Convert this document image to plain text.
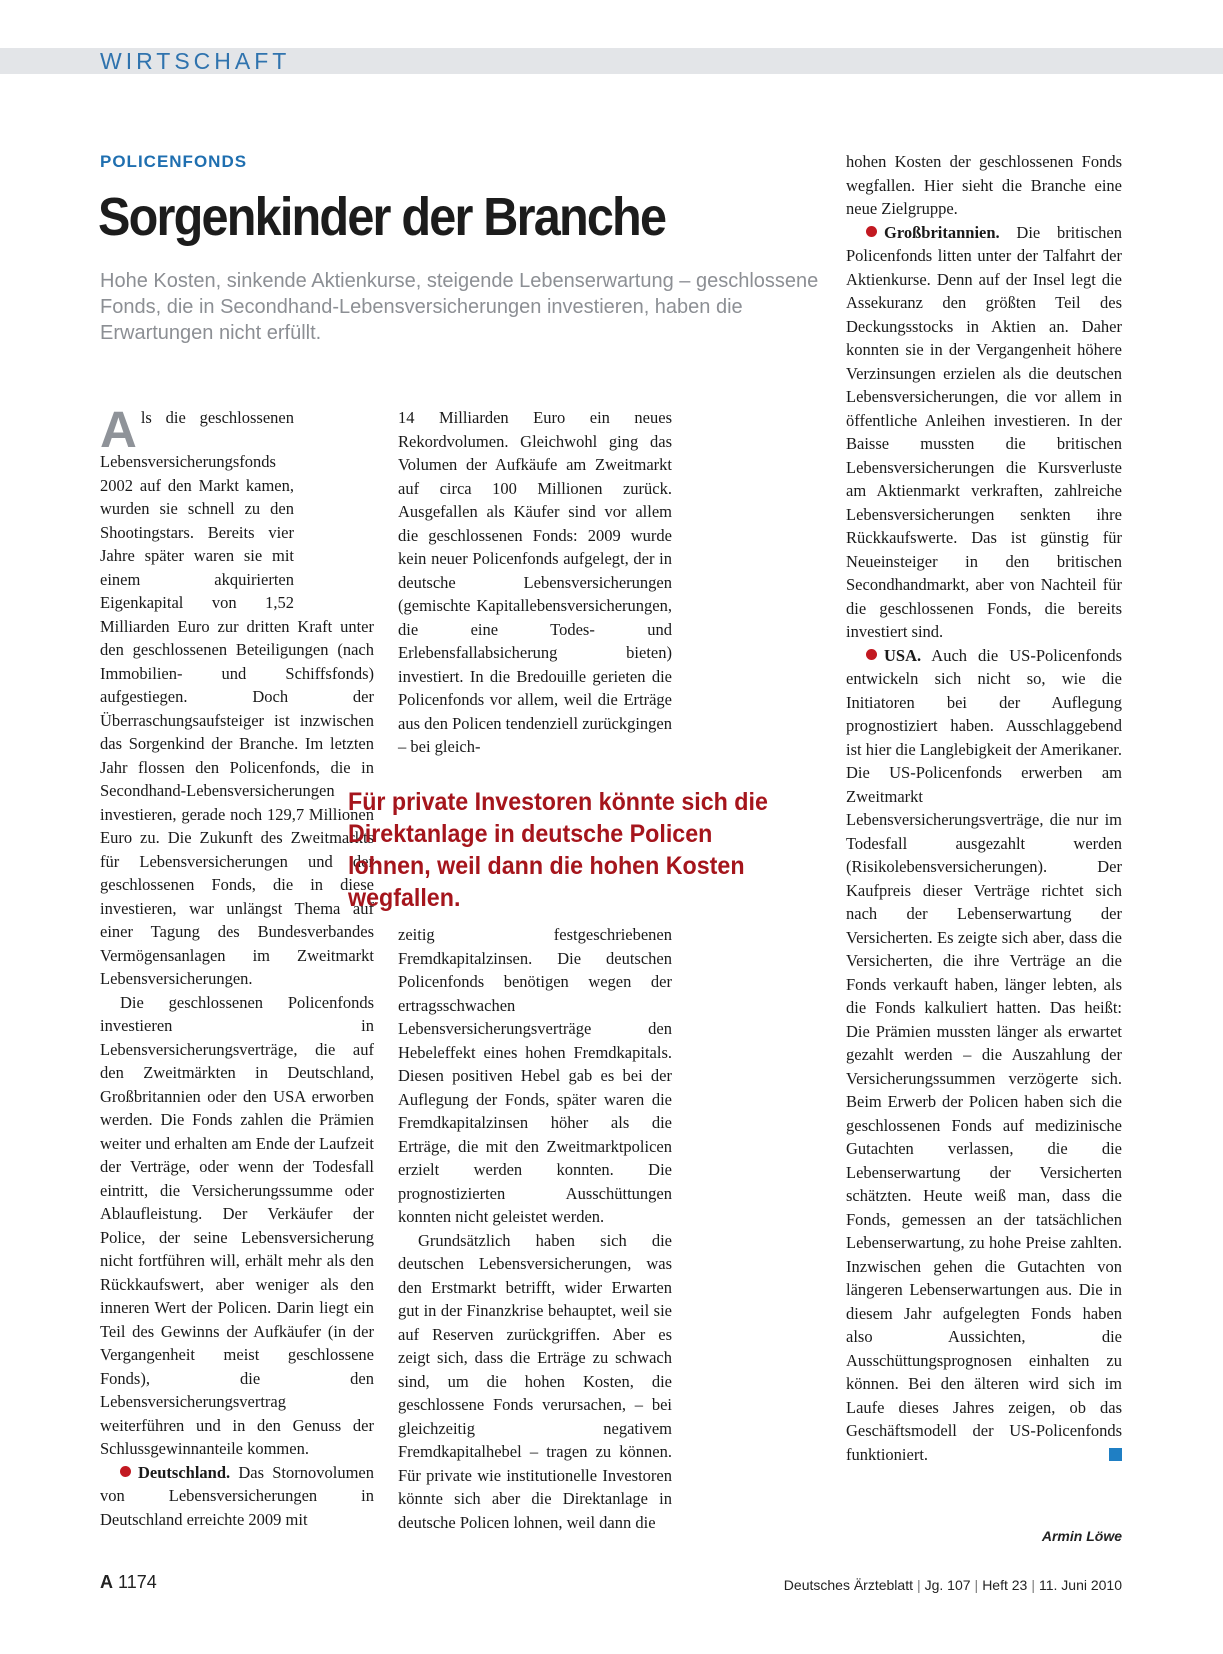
WIRTSCHAFT
POLICENFONDS
Sorgenkinder der Branche
Hohe Kosten, sinkende Aktienkurse, steigende Lebenserwartung – geschlossene Fonds, die in Secondhand-Lebensversicherungen investieren, haben die Erwartungen nicht erfüllt.

A ls die geschlossenen Lebensversicherungsfonds 2002 auf den Markt kamen, wurden sie schnell zu den Shootingstars. Bereits vier Jahre später waren sie mit einem akquirierten Eigenkapital von 1,52 Milliarden Euro zur dritten Kraft unter den geschlossenen Beteiligungen (nach Immobilien- und Schiffsfonds) aufgestiegen. Doch der Überraschungsaufsteiger ist inzwischen das Sorgenkind der Branche. Im letzten Jahr flossen den Policenfonds, die in Secondhand-Lebensversicherungen investieren, gerade noch 129,7 Millionen Euro zu. Die Zukunft des Zweitmarkts für Lebensversicherungen und der geschlossenen Fonds, die in diese investieren, war unlängst Thema auf einer Tagung des Bundesverbandes Vermögensanlagen im Zweitmarkt Lebensversicherungen.

Die geschlossenen Policenfonds investieren in Lebensversicherungsverträge, die auf den Zweitmärkten in Deutschland, Großbritannien oder den USA erworben werden. Die Fonds zahlen die Prämien weiter und erhalten am Ende der Laufzeit der Verträge, oder wenn der Todesfall eintritt, die Versicherungssumme oder Ablaufleistung. Der Verkäufer der Police, der seine Lebensversicherung nicht fortführen will, erhält mehr als den Rückkaufswert, aber weniger als den inneren Wert der Policen. Darin liegt ein Teil des Gewinns der Aufkäufer (in der Vergangenheit meist geschlossene Fonds), die den Lebensversicherungsvertrag weiterführen und in den Genuss der Schlussgewinnanteile kommen.

Deutschland. Das Stornovolumen von Lebensversicherungen in Deutschland erreichte 2009 mit

14 Milliarden Euro ein neues Rekordvolumen. Gleichwohl ging das Volumen der Aufkäufe am Zweitmarkt auf circa 100 Millionen zurück. Ausgefallen als Käufer sind vor allem die geschlossenen Fonds: 2009 wurde kein neuer Policenfonds aufgelegt, der in deutsche Lebensversicherungen (gemischte Kapitallebensversicherungen, die eine Todes- und Erlebensfallabsicherung bieten) investiert. In die Bredouille gerieten die Policenfonds vor allem, weil die Erträge aus den Policen tendenziell zurückgingen – bei gleich-

Für private Investoren könnte sich die Direktanlage in deutsche Policen lohnen, weil dann die hohen Kosten wegfallen.

zeitig festgeschriebenen Fremdkapitalzinsen. Die deutschen Policenfonds benötigen wegen der ertragsschwachen Lebensversicherungsverträge den Hebeleffekt eines hohen Fremdkapitals. Diesen positiven Hebel gab es bei der Auflegung der Fonds, später waren die Fremdkapitalzinsen höher als die Erträge, die mit den Zweitmarktpolicen erzielt werden konnten. Die prognostizierten Ausschüttungen konnten nicht geleistet werden.

Grundsätzlich haben sich die deutschen Lebensversicherungen, was den Erstmarkt betrifft, wider Erwarten gut in der Finanzkrise behauptet, weil sie auf Reserven zurückgriffen. Aber es zeigt sich, dass die Erträge zu schwach sind, um die hohen Kosten, die geschlossene Fonds verursachen, – bei gleichzeitig negativem Fremdkapitalhebel – tragen zu können. Für private wie institutionelle Investoren könnte sich aber die Direktanlage in deutsche Policen lohnen, weil dann die

hohen Kosten der geschlossenen Fonds wegfallen. Hier sieht die Branche eine neue Zielgruppe.

Großbritannien. Die britischen Policenfonds litten unter der Talfahrt der Aktienkurse. Denn auf der Insel legt die Assekuranz den größten Teil des Deckungsstocks in Aktien an. Daher konnten sie in der Vergangenheit höhere Verzinsungen erzielen als die deutschen Lebensversicherungen, die vor allem in öffentliche Anleihen investieren. In der Baisse mussten die britischen Lebensversicherungen die Kursverluste am Aktienmarkt verkraften, zahlreiche Lebensversicherungen senkten ihre Rückkaufswerte. Das ist günstig für Neueinsteiger in den britischen Secondhandmarkt, aber von Nachteil für die geschlossenen Fonds, die bereits investiert sind.

USA. Auch die US-Policenfonds entwickeln sich nicht so, wie die Initiatoren bei der Auflegung prognostiziert haben. Ausschlaggebend ist hier die Langlebigkeit der Amerikaner. Die US-Policenfonds erwerben am Zweitmarkt Lebensversicherungsverträge, die nur im Todesfall ausgezahlt werden (Risikolebensversicherungen). Der Kaufpreis dieser Verträge richtet sich nach der Lebenserwartung der Versicherten. Es zeigte sich aber, dass die Versicherten, die ihre Verträge an die Fonds verkauft haben, länger lebten, als die Fonds kalkuliert hatten. Das heißt: Die Prämien mussten länger als erwartet gezahlt werden – die Auszahlung der Versicherungssummen verzögerte sich. Beim Erwerb der Policen haben sich die geschlossenen Fonds auf medizinische Gutachten verlassen, die die Lebenserwartung der Versicherten schätzten. Heute weiß man, dass die Fonds, gemessen an der tatsächlichen Lebenserwartung, zu hohe Preise zahlten. Inzwischen gehen die Gutachten von längeren Lebenserwartungen aus. Die in diesem Jahr aufgelegten Fonds haben also Aussichten, die Ausschüttungsprognosen einhalten zu können. Bei den älteren wird sich im Laufe dieses Jahres zeigen, ob das Geschäftsmodell der US-Policenfonds funktioniert.

Armin Löwe
A 1174	Deutsches Ärzteblatt | Jg. 107 | Heft 23 | 11. Juni 2010
